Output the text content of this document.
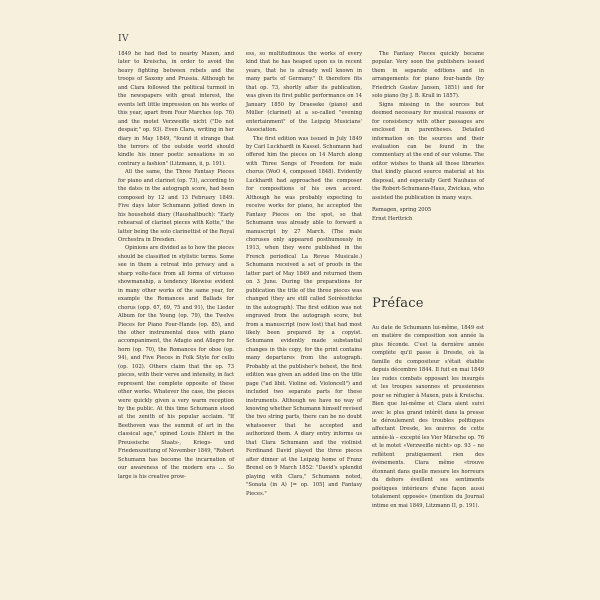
IV

1849 he had fled to nearby Maxen, and later to Kreischa, in order to avoid the heavy fighting between rebels and the troops of Saxony and Prussia. Although he and Clara followed the political turmoil in the newspapers with great interest, the events left little impression on his works of this year, apart from Four Marches (op. 76) and the motet Verzweifle nicht ("Do not despair," op. 93). Even Clara, writing in her diary in May 1849, "found it strange that the terrors of the outside world should kindle his inner poetic sensations in so contrary a fashion" (Litzmann, ii, p. 191).

All the same, the Three Fantasy Pieces for piano and clarinet (op. 73), according to the dates in the autograph score, had been composed by 12 and 13 February 1849. Five days later Schumann jotted down in his household diary (Haushaltbuch): "Early rehearsal of clarinet pieces with Kotte," the latter being the solo clarinettist of the Royal Orchestra in Dresden.

Opinions are divided as to how the pieces should be classified in stylistic terms. Some see in them a retreat into privacy and a sharp volte-face from all forms of virtuoso showmanship, a tendency likewise evident in many other works of the same year, for example the Romances and Ballads for chorus (opp. 67, 69, 75 and 91), the Lieder Album for the Young (op. 79), the Twelve Pieces for Piano Four-Hands (op. 85), and the other instrumental duos with piano accompaniment, the Adagio and Allegro for horn (op. 70), the Romances for oboe (op. 94), and Five Pieces in Folk Style for cello (op. 102). Others claim that the op. 73 pieces, with their verve and intensity, in fact represent the complete opposite of these other works. Whatever the case, the pieces were quickly given a very warm reception by the public. At this time Schumann stood at the zenith of his popular acclaim. "If Beethoven was the summit of art in the classical age," opined Louis Ehlert in the Preussische Staats-, Kriegs- und Friedenszeitung of November 1849, "Robert Schumann has become the incarnation of our awareness of the modern era ... So large is his creative prow-

ess, so multitudinous the works of every kind that he has heaped upon us in recent years, that he is already well known in many parts of Germany." It therefore fits that op. 73, shortly after its publication, was given its first public performance on 14 January 1850 by Draeseke (piano) and Müller (clarinet) at a so-called "evening entertainment" of the Leipzig Musicians' Association.

The first edition was issued in July 1849 by Carl Luckhardt in Kassel. Schumann had offered him the pieces on 14 March along with Three Songs of Freedom for male chorus (WoO 4, composed 1848). Evidently Luckhardt had approached the composer for compositions of his own accord. Although he was probably expecting to receive works for piano, he accepted the Fantasy Pieces on the spot, so that Schumann was already able to forward a manuscript by 27 March. (The male choruses only appeared posthumously in 1913, when they were published in the French periodical La Revue Musicale.) Schumann received a set of proofs in the latter part of May 1849 and returned them on 3 June. During the preparations for publication the title of the three pieces was changed (they are still called Soiréestücke in the autograph). The first edition was not engraved from the autograph score, but from a manuscript (now lost) that had most likely been prepared by a copyist. Schumann evidently made substantial changes in this copy, for the print contains many departures from the autograph. Probably at the publisher's behest, the first edition was given an added line on the title page ("ad libit. Violine od. Violoncell") and included two separate parts for these instruments. Although we have no way of knowing whether Schumann himself revised the two string parts, there can be no doubt whatsoever that he accepted and authorized them. A diary entry informs us that Clara Schumann and the violinist Ferdinand David played the three pieces after dinner at the Leipzig home of Franz Brenel on 9 March 1852: "David's splendid playing with Clara," Schumann noted, "Sonata (in A) [= op. 105] and Fantasy Pieces."

The Fantasy Pieces quickly became popular. Very soon the publishers issued them in separate editions and in arrangements for piano four-hands (by Friedrich Gustav Jansen, 1851) and for solo piano (by J. B. Krall in 1857).

Signs missing in the sources but deemed necessary for musical reasons or for consistency with other passages are enclosed in parentheses. Detailed information on the sources and their evaluation can be found in the commentary at the end of our volume. The editor wishes to thank all those libraries that kindly placed source material at his disposal, and especially Gerd Nauhaus of the Robert-Schumann-Haus, Zwickau, who assisted the publication in many ways.

Remagen, spring 2005

Ernst Herttrich

Préface

Au date de Schumann lui-même, 1849 est en matière de composition son année la plus féconde. C'est la dernière année complète qu'il passe à Dresde, où la famille du compositeur s'était établie depuis décembre 1844. Il fuit en mai 1849 les rudes combats opposant les insurgés et les troupes saxonnes et prussiennes pour se réfugier à Maxen, puis à Kreischa. Bien que lui-même et Clara aient suivi avec le plus grand intérêt dans la presse le déroulement des troubles politiques affectant Dresde, les œuvres de cette année-là – excepté les Vier Märsche op. 76 et le motet «Verzweifle nicht» op. 93 – ne reflètent pratiquement rien des événements. Clara même «trouve étonnant dans quelle mesure les horreurs du dehors éveillent ses sentiments poétiques intérieurs d'une façon aussi totalement opposée» (mention du Journal intime en mai 1849, Litzmann II, p. 191).
